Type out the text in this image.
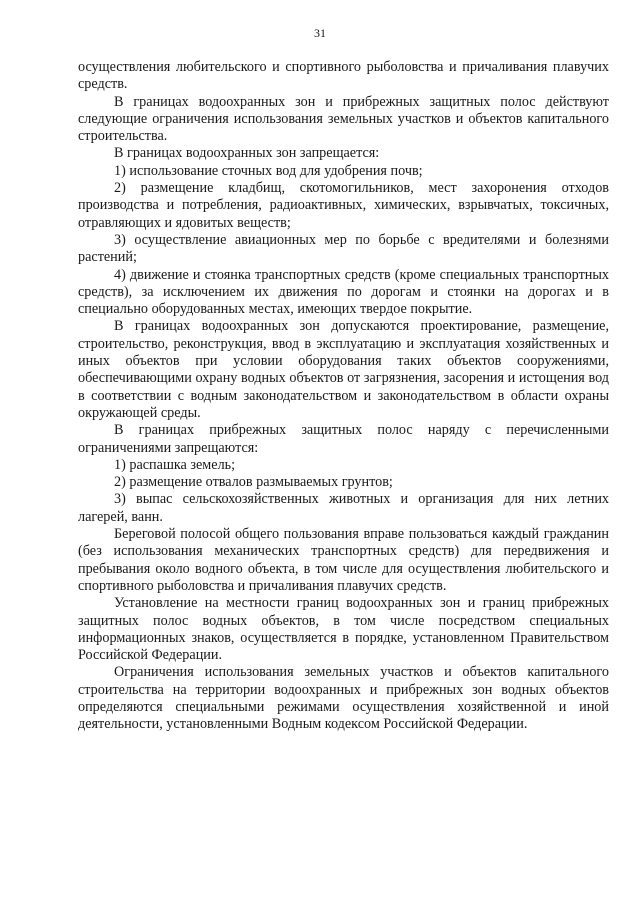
31

осуществления любительского и спортивного рыболовства и причаливания плавучих средств.

В границах водоохранных зон и прибрежных защитных полос действуют следующие ограничения использования земельных участков и объектов капитального строительства.

В границах водоохранных зон запрещается:

1) использование сточных вод для удобрения почв;

2) размещение кладбищ, скотомогильников, мест захоронения отходов производства и потребления, радиоактивных, химических, взрывчатых, токсичных, отравляющих и ядовитых веществ;

3) осуществление авиационных мер по борьбе с вредителями и болезнями растений;

4) движение и стоянка транспортных средств (кроме специальных транспортных средств), за исключением их движения по дорогам и стоянки на дорогах и в специально оборудованных местах, имеющих твердое покрытие.

В границах водоохранных зон допускаются проектирование, размещение, строительство, реконструкция, ввод в эксплуатацию и эксплуатация хозяйственных и иных объектов при условии оборудования таких объектов сооружениями, обеспечивающими охрану водных объектов от загрязнения, засорения и истощения вод в соответствии с водным законодательством и законодательством в области охраны окружающей среды.

В границах прибрежных защитных полос наряду с перечисленными ограничениями запрещаются:

1) распашка земель;

2) размещение отвалов размываемых грунтов;

3) выпас сельскохозяйственных животных и организация для них летних лагерей, ванн.

Береговой полосой общего пользования вправе пользоваться каждый гражданин (без использования механических транспортных средств) для передвижения и пребывания около водного объекта, в том числе для осуществления любительского и спортивного рыболовства и причаливания плавучих средств.

Установление на местности границ водоохранных зон и границ прибрежных защитных полос водных объектов, в том числе посредством специальных информационных знаков, осуществляется в порядке, установленном Правительством Российской Федерации.

Ограничения использования земельных участков и объектов капитального строительства на территории водоохранных и прибрежных зон водных объектов определяются специальными режимами осуществления хозяйственной и иной деятельности, установленными Водным кодексом Российской Федерации.
